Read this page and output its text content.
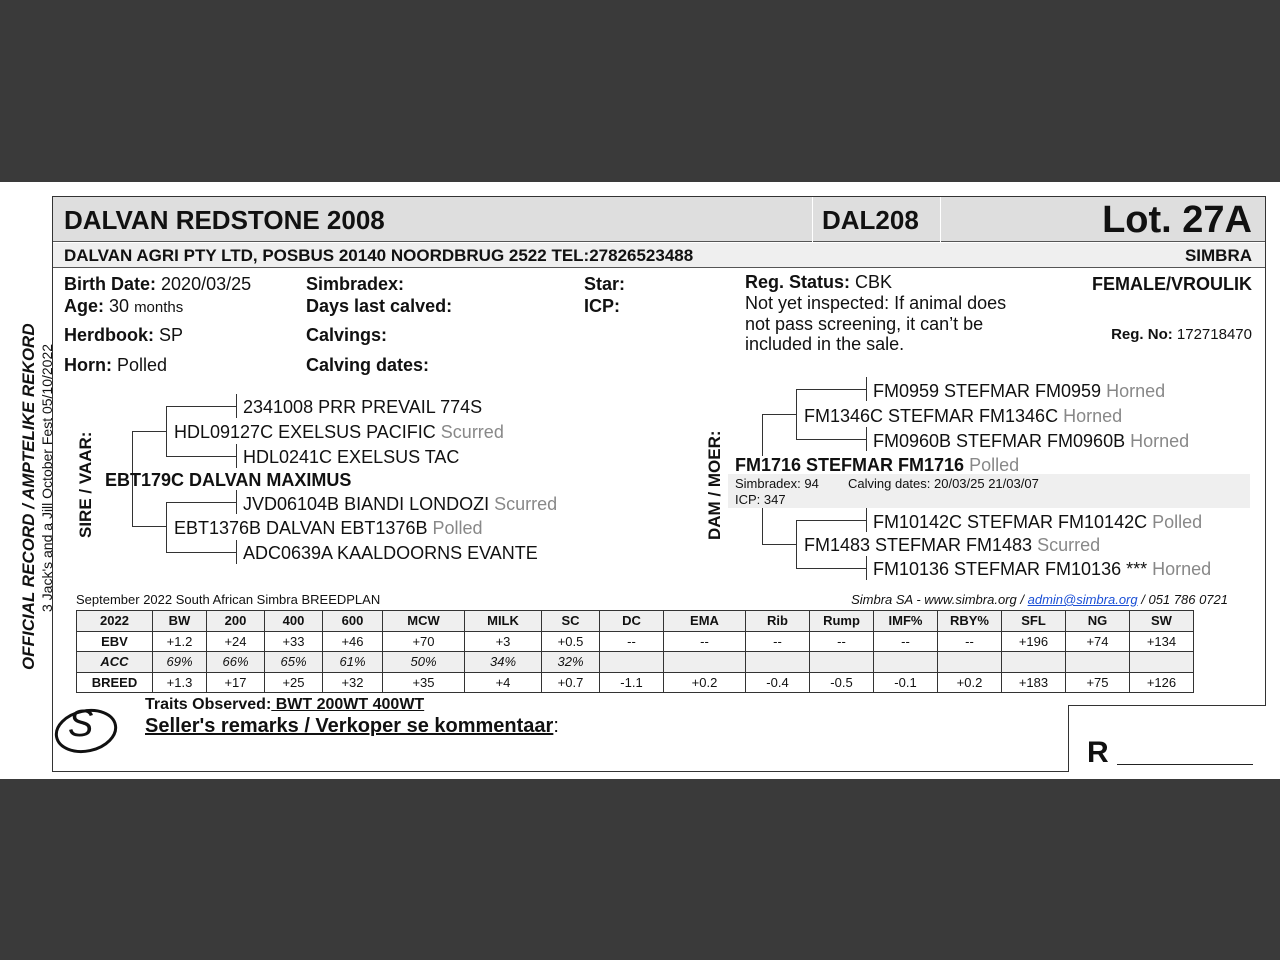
DALVAN REDSTONE 2008	DAL208	Lot. 27A
DALVAN AGRI PTY LTD, POSBUS 20140 NOORDBRUG 2522 TEL:27826523488	SIMBRA
Birth Date: 2020/03/25
Age: 30 months
Herdbook: SP
Horn: Polled
Simbradex:
Days last calved:
Calvings:
Calving dates:
Star:
ICP:
Reg. Status: CBK
Not yet inspected: If animal does
not pass screening, it can’t be
included in the sale.
FEMALE/VROULIK
Reg. No: 172718470
OFFICIAL RECORD / AMPTELIKE REKORD 3 Jack's and a Jill October Fest 05/10/2022 SIRE / VAAR:
2341008 PRR PREVAIL 774S
HDL09127C EXELSUS PACIFIC Scurred
HDL0241C EXELSUS TAC
EBT179C DALVAN MAXIMUS
JVD06104B BIANDI LONDOZI Scurred
EBT1376B DALVAN EBT1376B Polled
ADC0639A KAALDOORNS EVANTE
DAM / MOER:
FM0959 STEFMAR FM0959 Horned
FM1346C STEFMAR FM1346C Horned
FM0960B STEFMAR FM0960B Horned
FM1716 STEFMAR FM1716 Polled
Simbradex: 94 Calving dates: 20/03/25 21/03/07
ICP: 347
FM10142C STEFMAR FM10142C Polled
FM1483 STEFMAR FM1483 Scurred
FM10136 STEFMAR FM10136 *** Horned
September 2022 South African Simbra BREEDPLAN	Simbra SA - www.simbra.org / admin@simbra.org / 051 786 0721
2022	BW	200	400	600	MCW	MILK	SC	DC	EMA	Rib	Rump	IMF%	RBY%	SFL	NG	SW
EBV	+1.2	+24	+33	+46	+70	+3	+0.5	--	--	--	--	--	--	+196	+74	+134
ACC	69%	66%	65%	61%	50%	34%	32%									
BREED	+1.3	+17	+25	+32	+35	+4	+0.7	-1.1	+0.2	-0.4	-0.5	-0.1	+0.2	+183	+75	+126
R
S	Traits Observed: BWT 200WT 400WT
Seller's remarks / Verkoper se kommentaar:
